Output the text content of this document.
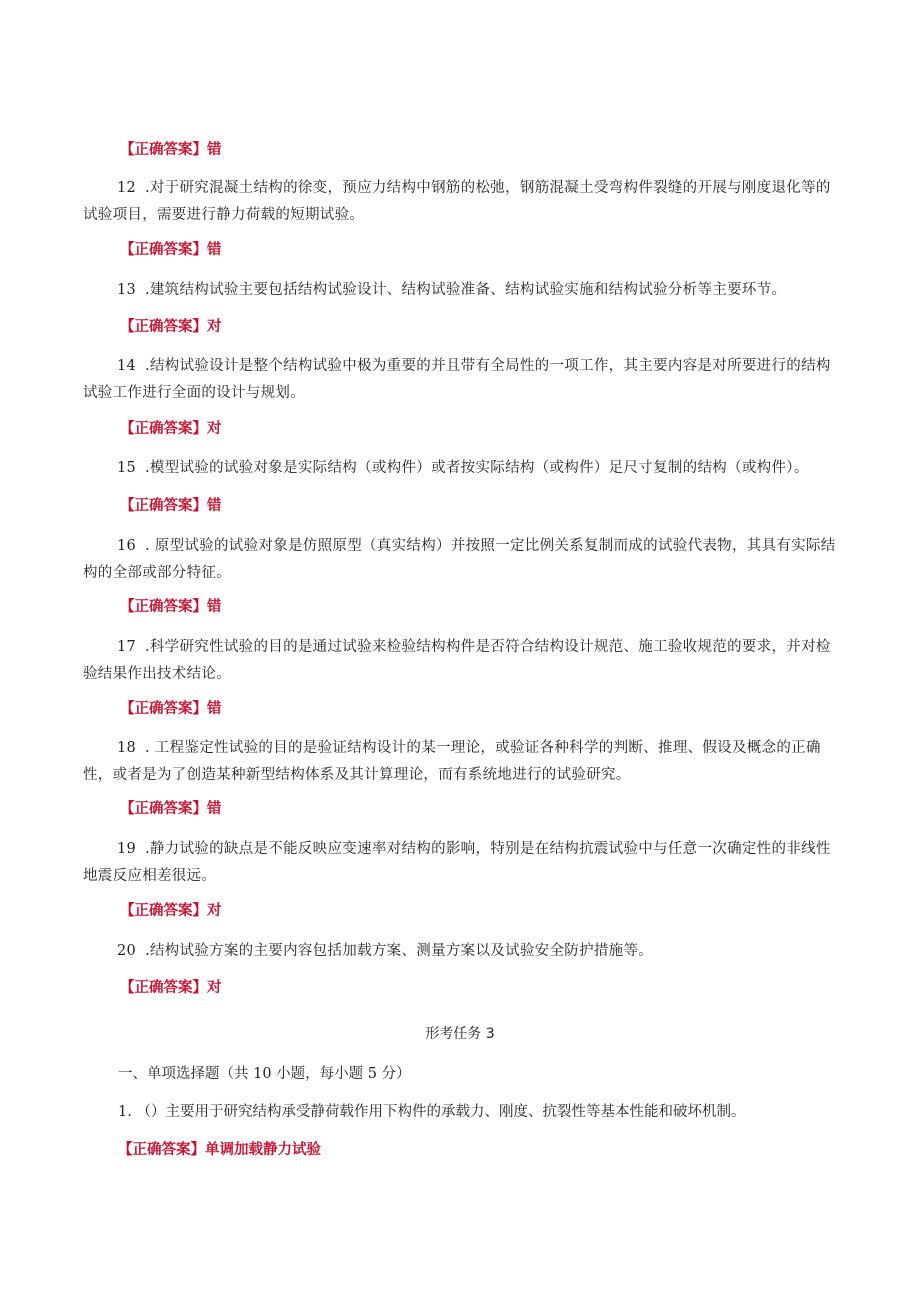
【正确答案】错
12 .对于研究混凝土结构的徐变，预应力结构中钢筋的松弛，钢筋混凝土受弯构件裂缝的开展与刚度退化等的试验项目，需要进行静力荷载的短期试验。
【正确答案】错
13 .建筑结构试验主要包括结构试验设计、结构试验准备、结构试验实施和结构试验分析等主要环节。
【正确答案】对
14 .结构试验设计是整个结构试验中极为重要的并且带有全局性的一项工作，其主要内容是对所要进行的结构试验工作进行全面的设计与规划。
【正确答案】对
15 .模型试验的试验对象是实际结构（或构件）或者按实际结构（或构件）足尺寸复制的结构（或构件）。
【正确答案】错
16 . 原型试验的试验对象是仿照原型（真实结构）并按照一定比例关系复制而成的试验代表物，其具有实际结构的全部或部分特征。
【正确答案】错
17 .科学研究性试验的目的是通过试验来检验结构构件是否符合结构设计规范、施工验收规范的要求，并对检验结果作出技术结论。
【正确答案】错
18 . 工程鉴定性试验的目的是验证结构设计的某一理论，或验证各种科学的判断、推理、假设及概念的正确性，或者是为了创造某种新型结构体系及其计算理论，而有系统地进行的试验研究。
【正确答案】错
19 .静力试验的缺点是不能反映应变速率对结构的影响，特别是在结构抗震试验中与任意一次确定性的非线性地震反应相差很远。
【正确答案】对
20 .结构试验方案的主要内容包括加载方案、测量方案以及试验安全防护措施等。
【正确答案】对
形考任务 3
一、单项选择题（共 10 小题，每小题 5 分）
1. （）主要用于研究结构承受静荷载作用下构件的承载力、刚度、抗裂性等基本性能和破坏机制。
【正确答案】单调加载静力试验
